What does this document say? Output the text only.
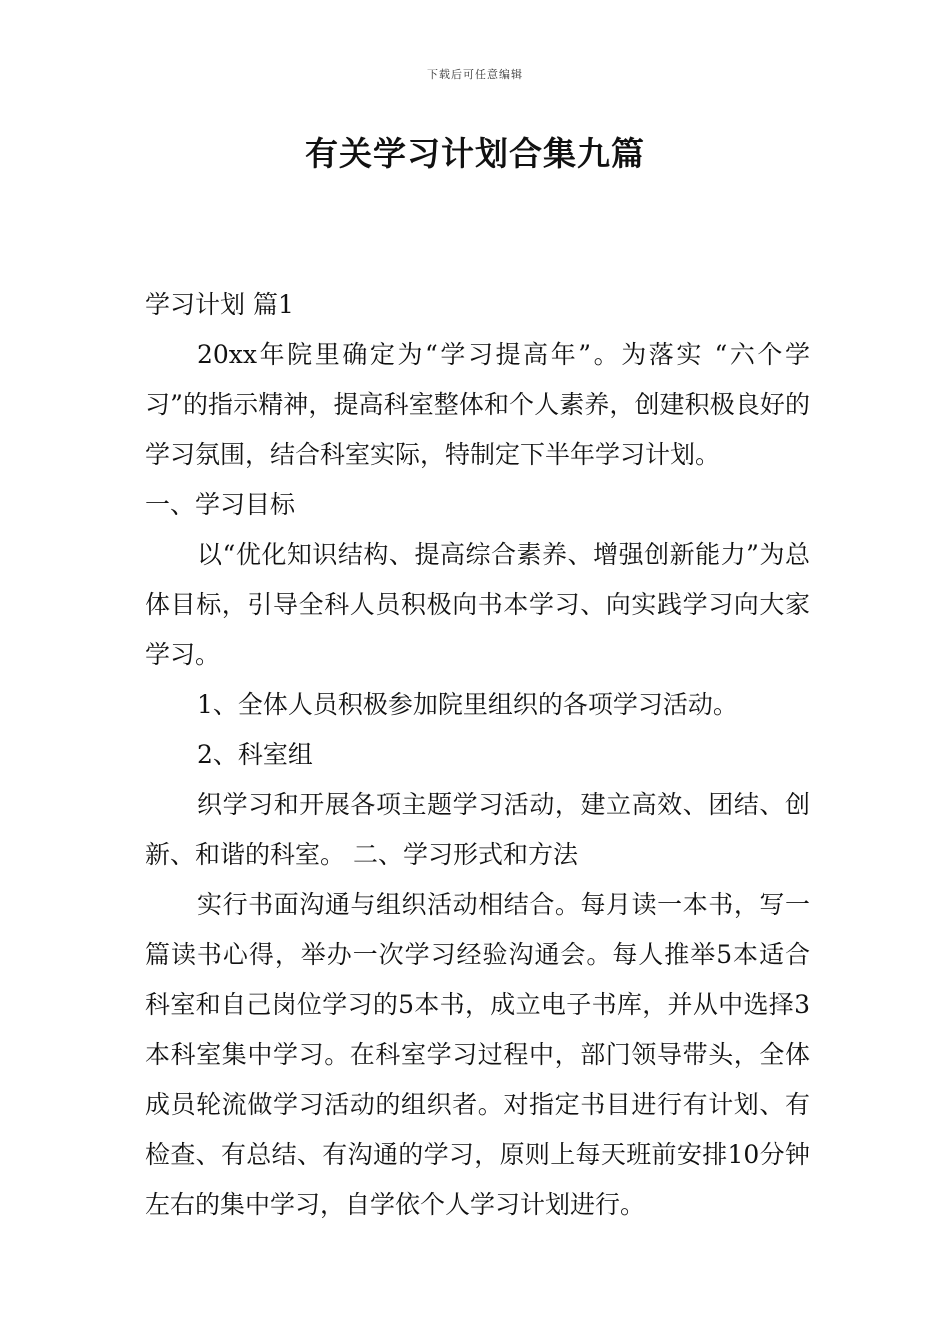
下载后可任意编辑
有关学习计划合集九篇

学习计划 篇1

20xx年院里确定为“学习提高年”。为落实 “六个学习”的指示精神，提高科室整体和个人素养，创建积极良好的学习氛围，结合科室实际，特制定下半年学习计划。

一、学习目标

以“优化知识结构、提高综合素养、增强创新能力”为总体目标，引导全科人员积极向书本学习、向实践学习向大家学习。

1、全体人员积极参加院里组织的各项学习活动。

2、科室组

织学习和开展各项主题学习活动，建立高效、团结、创新、和谐的科室。 二、学习形式和方法

实行书面沟通与组织活动相结合。每月读一本书，写一篇读书心得，举办一次学习经验沟通会。每人推举5本适合科室和自己岗位学习的5本书，成立电子书库，并从中选择3本科室集中学习。在科室学习过程中，部门领导带头，全体成员轮流做学习活动的组织者。对指定书目进行有计划、有检查、有总结、有沟通的学习，原则上每天班前安排10分钟左右的集中学习，自学依个人学习计划进行。
